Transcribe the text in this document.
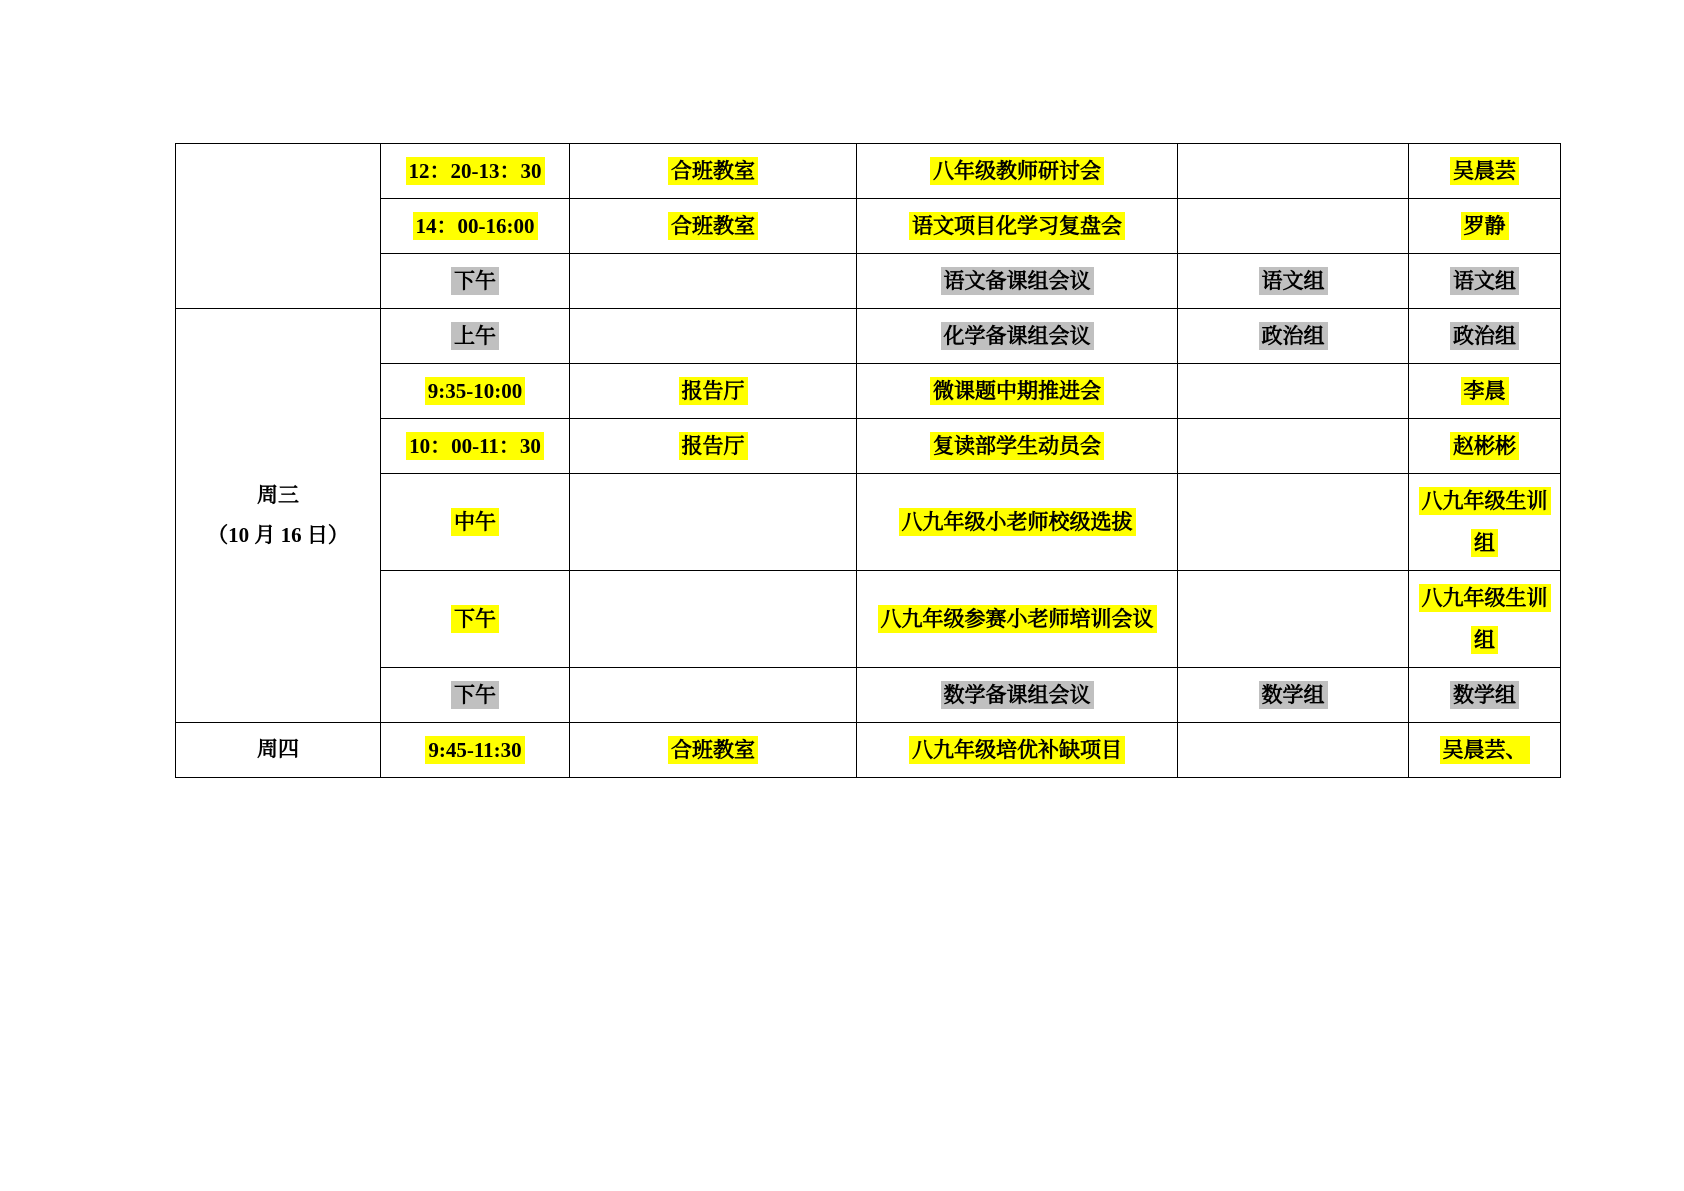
	12：20-13：30	合班教室	八年级教师研讨会		吴晨芸
	14：00-16:00	合班教室	语文项目化学习复盘会		罗静
	下午		语文备课组会议	语文组	语文组

周三
（10 月 16 日）	上午		化学备课组会议	政治组	政治组
	9:35-10:00	报告厅	微课题中期推进会		李晨
	10：00-11：30	报告厅	复读部学生动员会		赵彬彬
	中午		八九年级小老师校级选拔		八九年级生训组
	下午		八九年级参赛小老师培训会议		八九年级生训组
	下午		数学备课组会议	数学组	数学组

周四	9:45-11:30	合班教室	八九年级培优补缺项目		吴晨芸、
